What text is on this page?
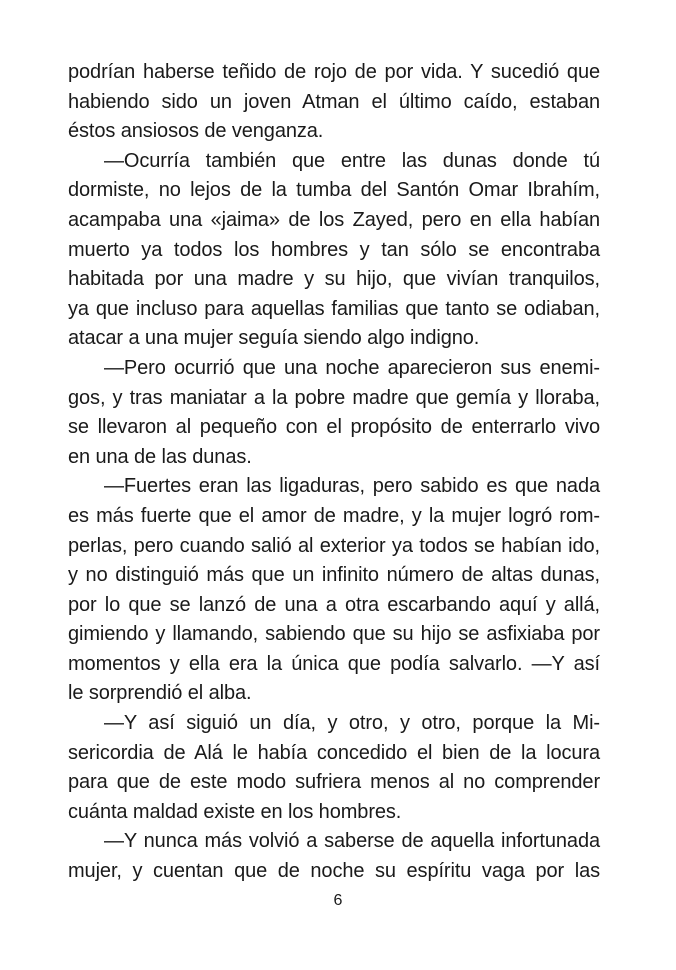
podrían haberse teñido de rojo de por vida. Y sucedió que
habiendo sido un joven Atman el último caído, estaban
éstos ansiosos de venganza.
—Ocurría también que entre las dunas donde tú
dormiste, no lejos de la tumba del Santón Omar Ibrahím,
acampaba una «jaima» de los Zayed, pero en ella habían
muerto ya todos los hombres y tan sólo se encontraba
habitada por una madre y su hijo, que vivían tranquilos,
ya que incluso para aquellas familias que tanto se odiaban,
atacar a una mujer seguía siendo algo indigno.
—Pero ocurrió que una noche aparecieron sus enemi-
gos, y tras maniatar a la pobre madre que gemía y lloraba,
se llevaron al pequeño con el propósito de enterrarlo vivo
en una de las dunas.
—Fuertes eran las ligaduras, pero sabido es que nada
es más fuerte que el amor de madre, y la mujer logró rom-
perlas, pero cuando salió al exterior ya todos se habían ido,
y no distinguió más que un infinito número de altas dunas,
por lo que se lanzó de una a otra escarbando aquí y allá,
gimiendo y llamando, sabiendo que su hijo se asfixiaba por
momentos y ella era la única que podía salvarlo. —Y así
le sorprendió el alba.
—Y así siguió un día, y otro, y otro, porque la Mi-
sericordia de Alá le había concedido el bien de la locura
para que de este modo sufriera menos al no comprender
cuánta maldad existe en los hombres.
—Y nunca más volvió a saberse de aquella infortunada
mujer, y cuentan que de noche su espíritu vaga por las
6
